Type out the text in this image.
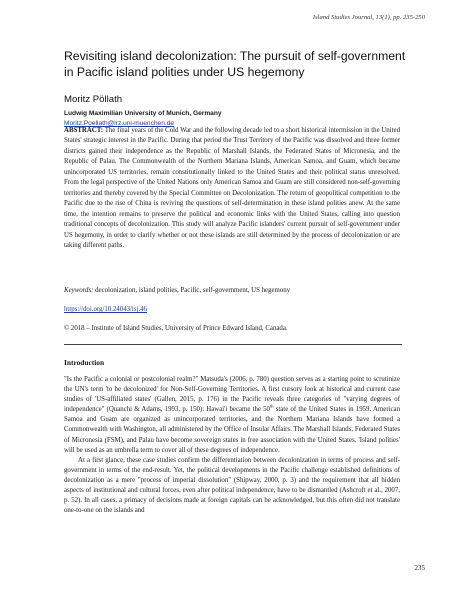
Island Studies Journal, 13(1), pp. 235-250
Revisiting island decolonization: The pursuit of self-government in Pacific island polities under US hegemony
Moritz Pöllath
Ludwig Maximilian University of Munich, Germany
Moritz.Poellath@lrz.uni-muenchen.de

ABSTRACT: The final years of the Cold War and the following decade led to a short historical intermission in the United States' strategic interest in the Pacific. During that period the Trust Territory of the Pacific was dissolved and three former districts gained their independence as the Republic of Marshall Islands, the Federated States of Micronesia, and the Republic of Palau. The Commonwealth of the Northern Mariana Islands, American Samoa, and Guam, which became unincorporated US territories, remain constitutionally linked to the United States and their political status unresolved. From the legal perspective of the United Nations only American Samoa and Guam are still considered non-self-governing territories and thereby covered by the Special Committee on Decolonization. The return of geopolitical competition to the Pacific due to the rise of China is reviving the questions of self-determination in these island polities anew. At the same time, the intention remains to preserve the political and economic links with the United States, calling into question traditional concepts of decolonization. This study will analyze Pacific islanders' current pursuit of self-government under US hegemony, in order to clarify whether or not these islands are still determined by the process of decolonization or are taking different paths.

Keywords: decolonization, island polities, Pacific, self-government, US hegemony

https://doi.org/10.24043/isj.46
© 2018 – Institute of Island Studies, University of Prince Edward Island, Canada.
Introduction

"Is the Pacific a colonial or postcolonial realm?" Matsuda's (2006, p. 780) question serves as a starting point to scrutinize the UN's term 'to be decolonized' for Non-Self-Governing Territories. A first cursory look at historical and current case studies of 'US-affiliated states' (Gallen, 2015, p. 176) in the Pacific reveals three categories of "varying degrees of independence" (Quanchi & Adams, 1993, p. 150): Hawai'i became the 50th state of the United States in 1959. American Samoa and Guam are organized as unincorporated territories, and the Northern Mariana Islands have formed a Commonwealth with Washington, all administered by the Office of Insular Affairs. The Marshall Islands, Federated States of Micronesia (FSM), and Palau have become sovereign states in free association with the United States. 'Island polities' will be used as an umbrella term to cover all of these degrees of independence.

At a first glance, these case studies confirm the differentiation between decolonization in terms of process and self-government in terms of the end-result. Yet, the political developments in the Pacific challenge established definitions of decolonization as a mere "process of imperial dissolution" (Shipway, 2000, p. 3) and the requirement that all hidden aspects of institutional and cultural forces, even after political independence, have to be dismantled (Ashcroft et al., 2007, p. 52). In all cases, a primacy of decisions made at foreign capitals can be acknowledged, but this often did not translate one-to-one on the islands and

235
